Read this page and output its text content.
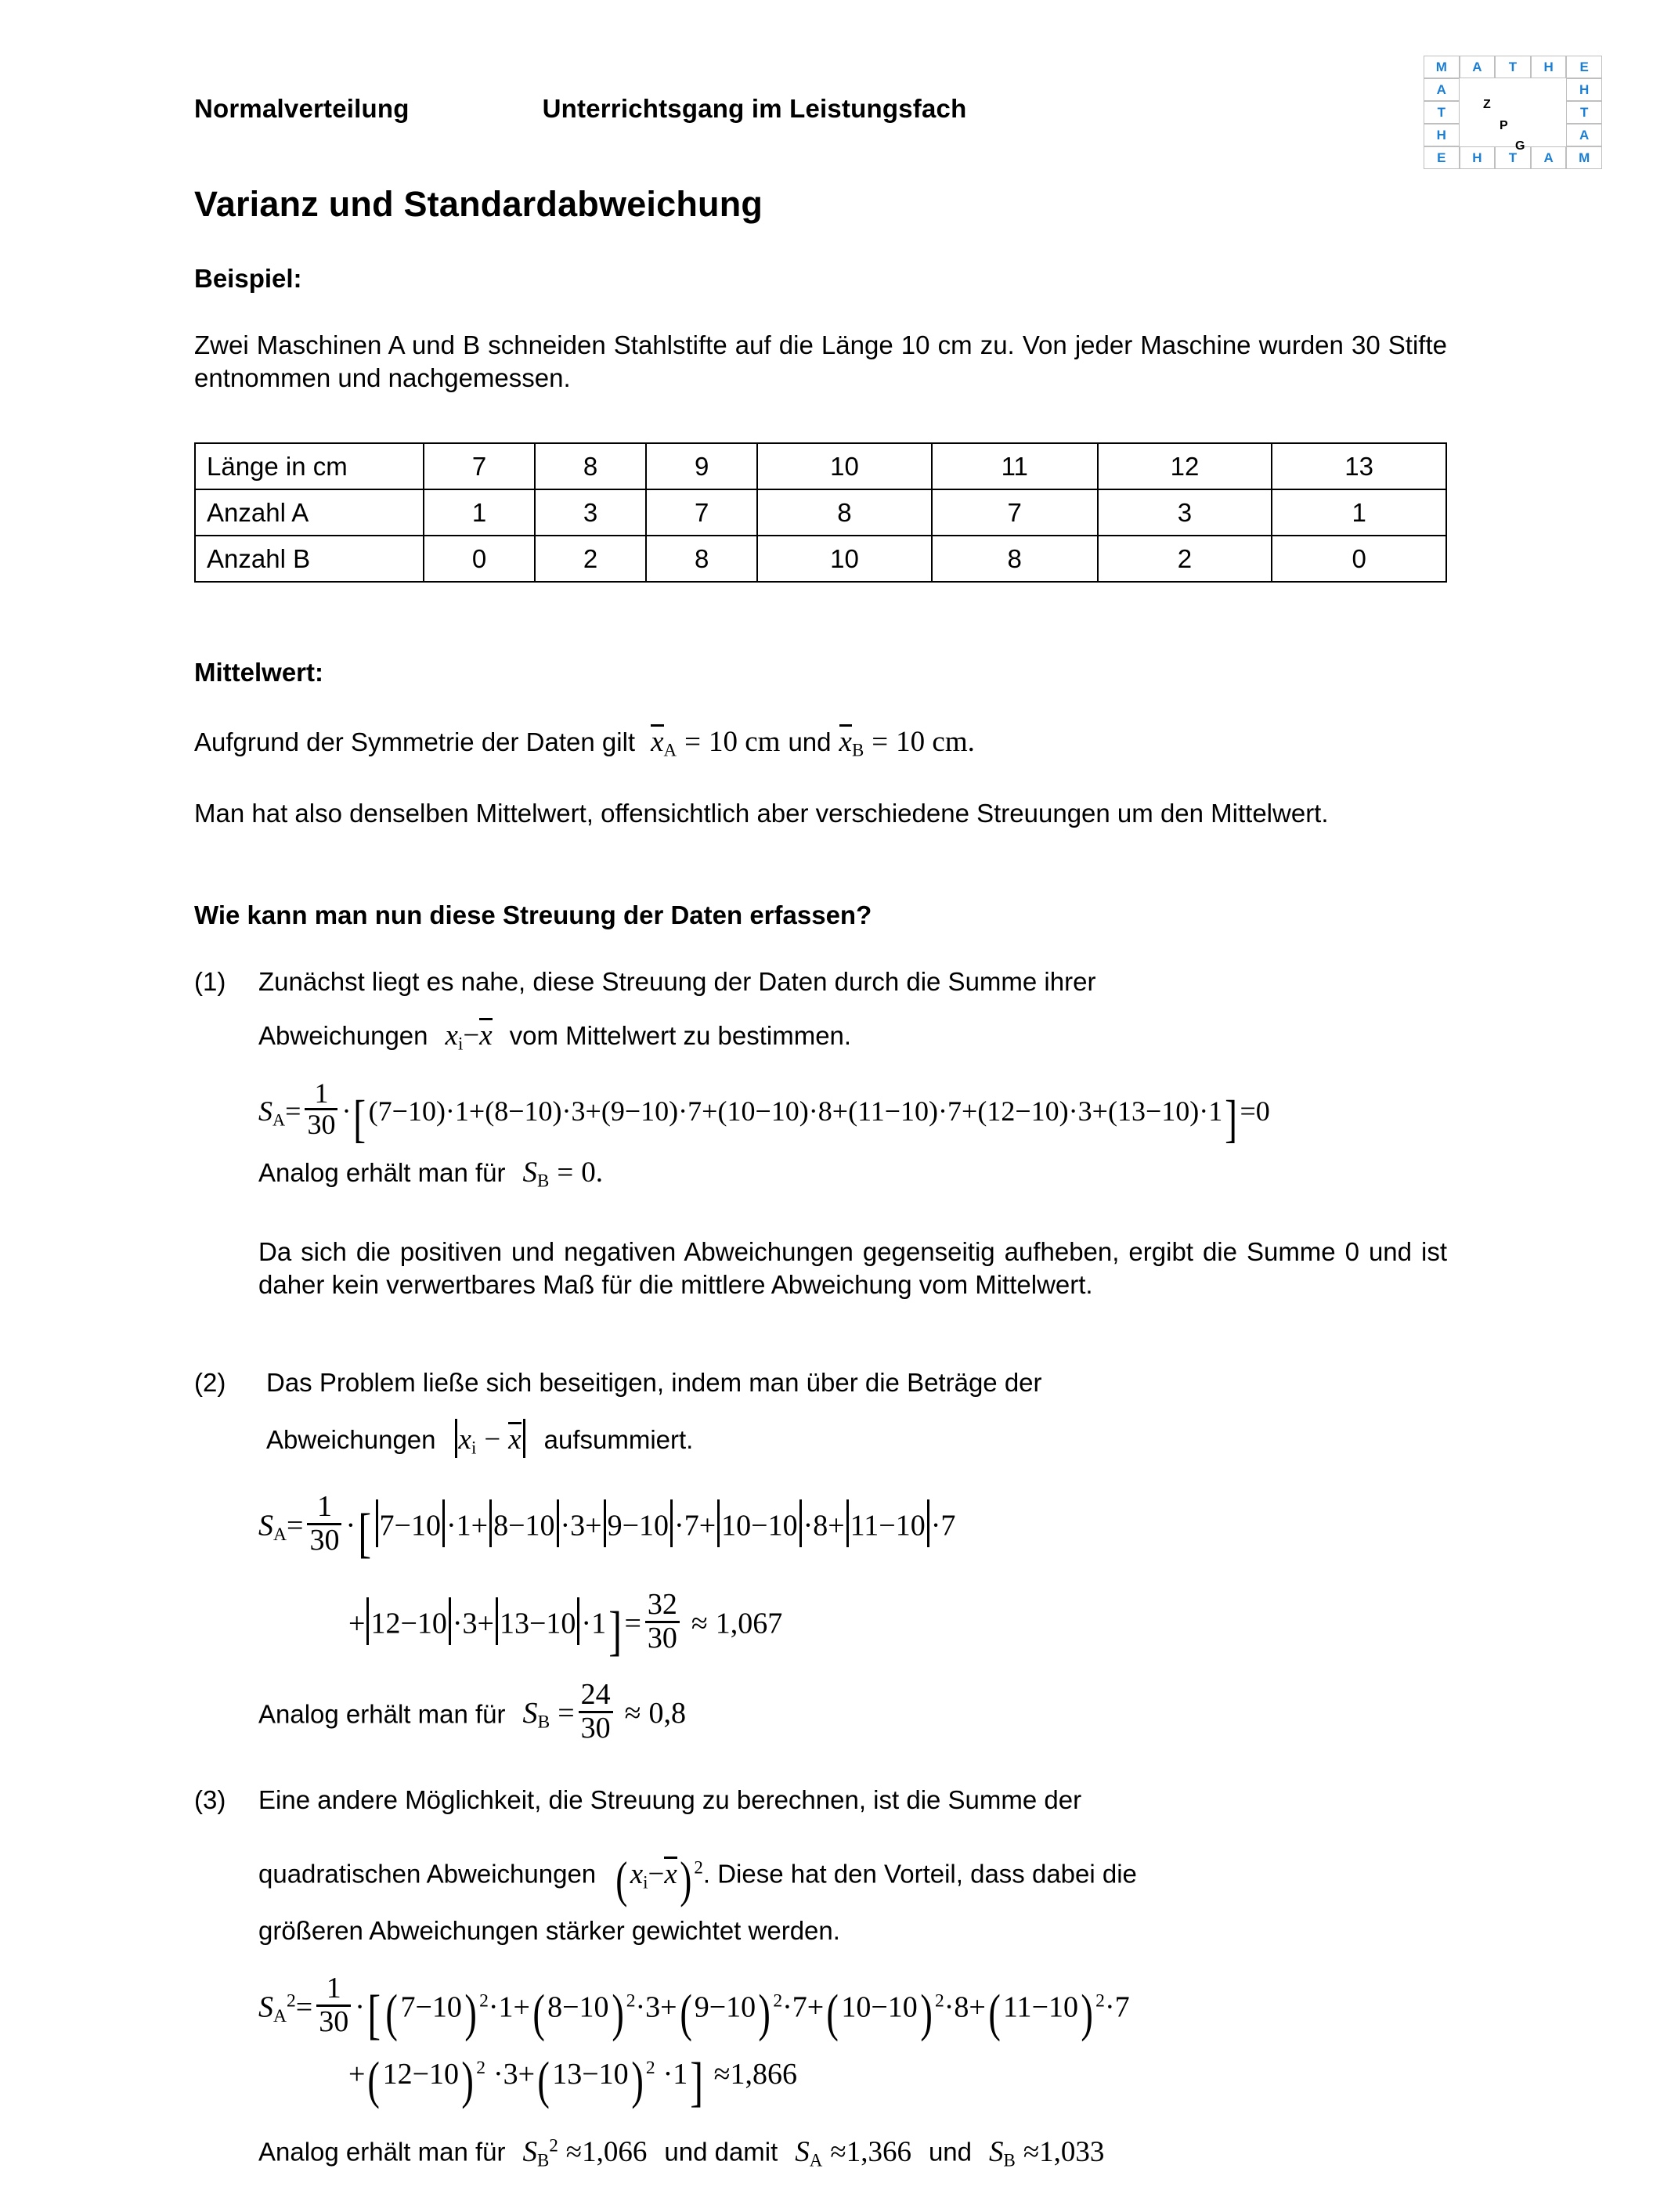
Normalverteilung	Unterrichtsgang im Leistungsfach
M	A	T	H	E
A	H
T	T
H	A
E	H	T	A	M
Z
P
G
Varianz und Standardabweichung
Beispiel:
Zwei Maschinen A und B schneiden Stahlstifte auf die Länge 10 cm zu. Von jeder Maschine wurden 30 Stifte entnommen und nachgemessen.
Länge in cm	7	8	9	10	11	12	13
Anzahl A	1	3	7	8	7	3	1
Anzahl B	0	2	8	10	8	2	0
Mittelwert:
Aufgrund der Symmetrie der Daten gilt $x_A = 10$ cm und $x_B = 10$ cm.
Man hat also denselben Mittelwert, offensichtlich aber verschiedene Streuungen um den Mittelwert.
Wie kann man nun diese Streuung der Daten erfassen?
(1) Zunächst liegt es nahe, diese Streuung der Daten durch die Summe ihrer
Abweichungen $x_i-x$ vom Mittelwert zu bestimmen.
$S_A= \frac{1}{30} \cdot[(7-10)\cdot 1+(8-10)\cdot 3+(9-10)\cdot 7+(10-10)\cdot 8+(11-10)\cdot 7+(12-10)\cdot 3+(13-10)\cdot 1]=0$
Analog erhält man für $S_B = 0$.
Da sich die positiven und negativen Abweichungen gegenseitig aufheben, ergibt die Summe 0 und ist daher kein verwertbares Maß für die mittlere Abweichung vom Mittelwert.
(2) Das Problem ließe sich beseitigen, indem man über die Beträge der
Abweichungen $x_i - x$ aufsummiert.
$S_A= \frac{1}{30}$ ·[ 7−10 ·1+ 8−10 ·3+ 9−10 ·7+ 10−10 ·8+ 11−10 ·7
+ $12-10 \cdot 3+ 13-10 \cdot 1]= \frac{32}{30} \approx 1,067$
Analog erhält man für $S_B = \frac{24}{30} \approx 0,8$
(3) Eine andere Möglichkeit, die Streuung zu berechnen, ist die Summe der
quadratischen Abweichungen $(x_i-x)$ $^2$. Diese hat den Vorteil, dass dabei die
größeren Abweichungen stärker gewichtet werden.
$S_A^2= \frac{1}{30} \cdot[(7-10)$ $^2$·1+(8−10) $^2$·3+(9−10) $^2$·7+(10−10) $^2$·8+(11−10) $^2$·7
+(12−10) $^2$ ·3+(13−10) $^2$ ·1] ≈1,866
Analog erhält man für $S_B^2 \approx 1,066$ und damit $S_A \approx 1,366$ und $S_B \approx 1,033$
